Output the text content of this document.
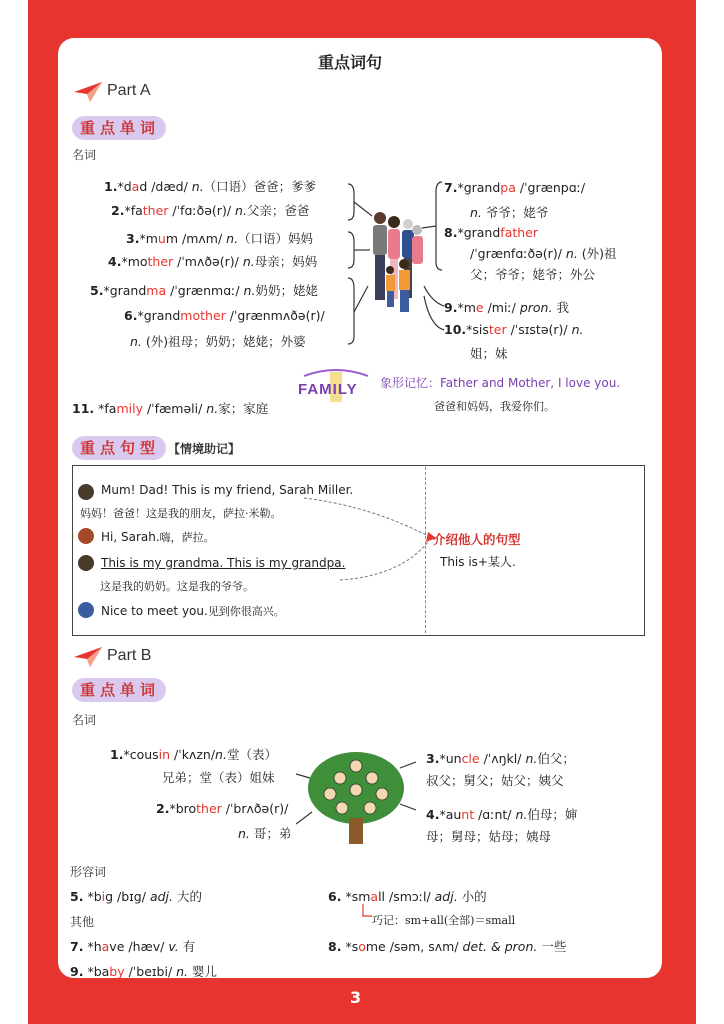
重点词句
Part A
重点单词
名词
1.*dad /dæd/ n.（口语）爸爸；爹爹
2.*father /ˈfɑːðə(r)/ n.父亲；爸爸
3.*mum /mʌm/ n.（口语）妈妈
4.*mother /ˈmʌðə(r)/ n.母亲；妈妈
5.*grandma /ˈgrænmɑː/ n.奶奶；姥姥
6.*grandmother /ˈgrænmʌðə(r)/
n. (外)祖母；奶奶；姥姥；外婆
7.*grandpa /ˈgrænpɑː/
n. 爷爷；姥爷
8.*grandfather
/ˈgrænfɑːðə(r)/ n. (外)祖
父；爷爷；姥爷；外公
9.*me /miː/ pron. 我
10.*sister /ˈsɪstə(r)/ n.
姐；妹
11. *family /ˈfæməli/ n.家；家庭
FAMILY 象形记忆：Father and Mother, I love you.
爸爸和妈妈，我爱你们。
重点句型 【情境助记】
Mum! Dad! This is my friend, Sarah Miller.
妈妈！爸爸！这是我的朋友，萨拉·米勒。
Hi, Sarah.嗨，萨拉。
This is my grandma. This is my grandpa.
这是我的奶奶。这是我的爷爷。
Nice to meet you.见到你很高兴。
介绍他人的句型
This is+某人.
Part B
重点单词
名词
1.*cousin /ˈkʌzn/n.堂（表）
兄弟；堂（表）姐妹
2.*brother /ˈbrʌðə(r)/
n. 哥；弟
3.*uncle /ˈʌŋkl/ n.伯父；
叔父；舅父；姑父；姨父
4.*aunt /ɑːnt/ n.伯母；婶
母；舅母；姑母；姨母
形容词
5. *big /bɪg/ adj. 大的	6. *small /smɔːl/ adj. 小的
巧记：sm+all(全部)＝small
其他
7. *have /hæv/ v. 有	8. *some /səm, sʌm/ det. & pron. 一些
9. *baby /ˈbeɪbi/ n. 婴儿
3
